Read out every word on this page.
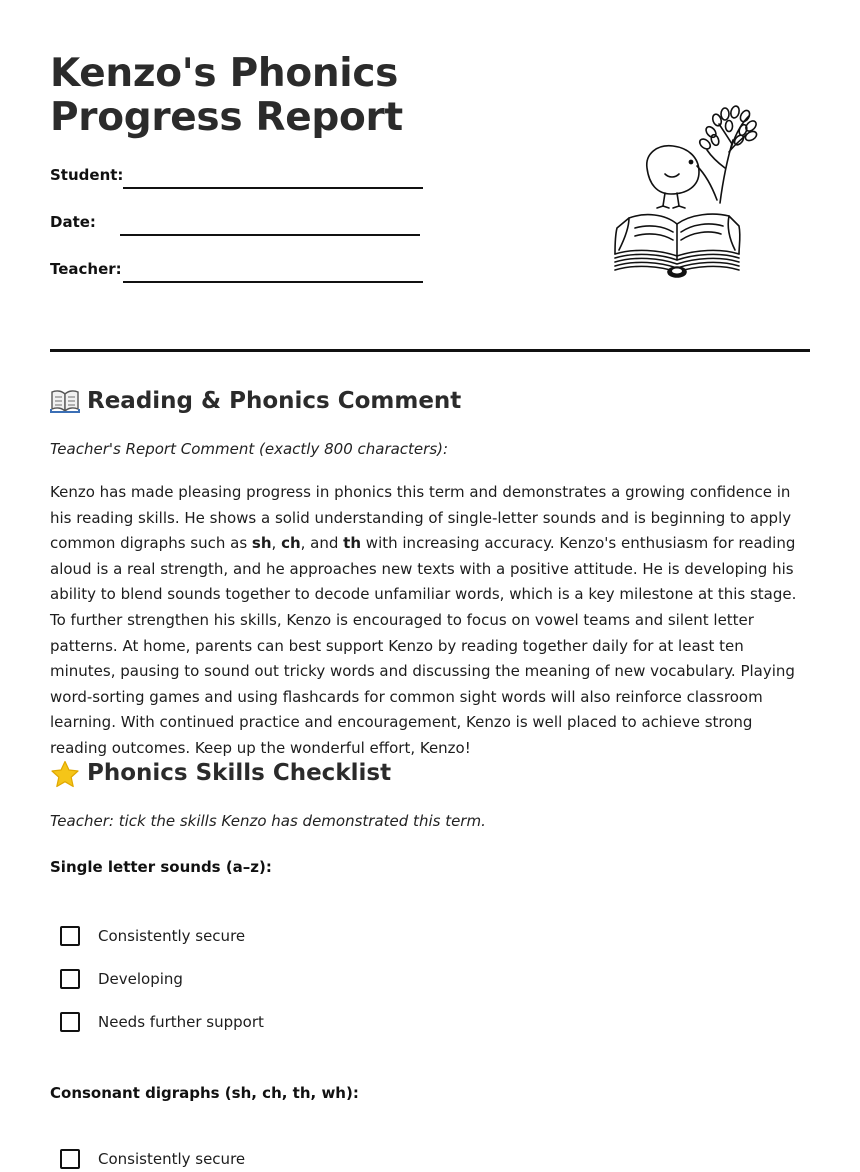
Kenzo's Phonics
Progress Report
Student:
Date:
Teacher:
Reading & Phonics Comment
Teacher's Report Comment (exactly 800 characters):

Kenzo has made pleasing progress in phonics this term and demonstrates a growing confidence in his reading skills. He shows a solid understanding of single-letter sounds and is beginning to apply common digraphs such as sh, ch, and th with increasing accuracy. Kenzo's enthusiasm for reading aloud is a real strength, and he approaches new texts with a positive attitude. He is developing his ability to blend sounds together to decode unfamiliar words, which is a key milestone at this stage. To further strengthen his skills, Kenzo is encouraged to focus on vowel teams and silent letter patterns. At home, parents can best support Kenzo by reading together daily for at least ten minutes, pausing to sound out tricky words and discussing the meaning of new vocabulary. Playing word-sorting games and using flashcards for common sight words will also reinforce classroom learning. With continued practice and encouragement, Kenzo is well placed to achieve strong reading outcomes. Keep up the wonderful effort, Kenzo!

Phonics Skills Checklist
Teacher: tick the skills Kenzo has demonstrated this term.
Single letter sounds (a–z):
Consistently secure
Developing
Needs further support
Consonant digraphs (sh, ch, th, wh):
Consistently secure
